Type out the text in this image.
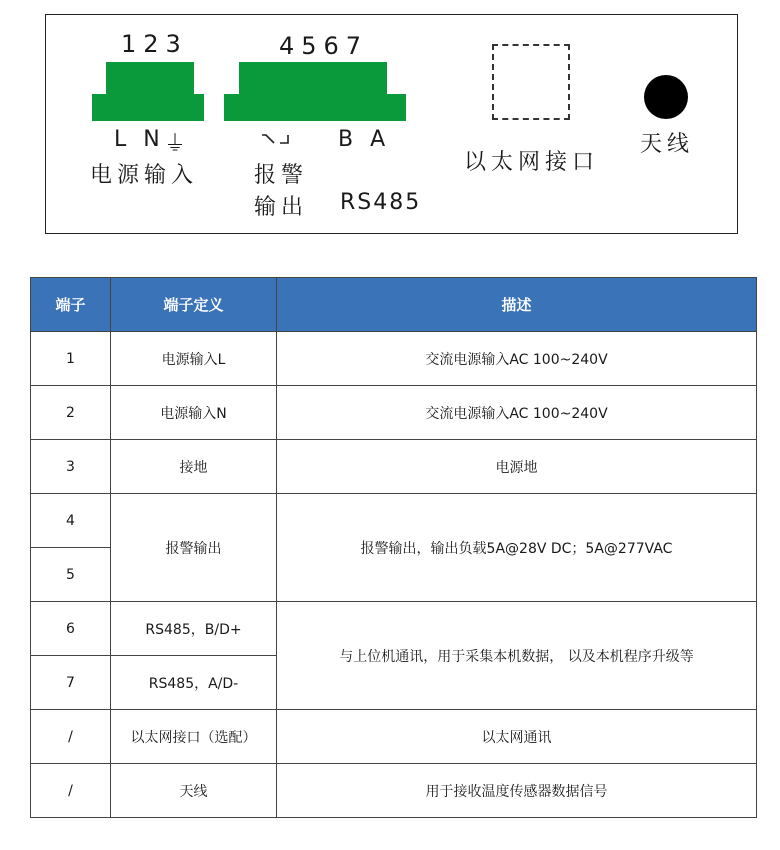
123
L N ⏚
电源输入
4567
B A
报警
输出 RS485
以太网接口
天线
端子	端子定义	描述
1	电源输入L	交流电源输入AC 100~240V
2	电源输入N	交流电源输入AC 100~240V
3	接地	电源地
4	报警输出	报警输出，输出负载5A@28V DC；5A@277VAC
5		
6	RS485，B/D+	与上位机通讯，用于采集本机数据， 以及本机程序升级等
7	RS485，A/D-	
/	以太网接口（选配）	以太网通讯
/	天线	用于接收温度传感器数据信号
